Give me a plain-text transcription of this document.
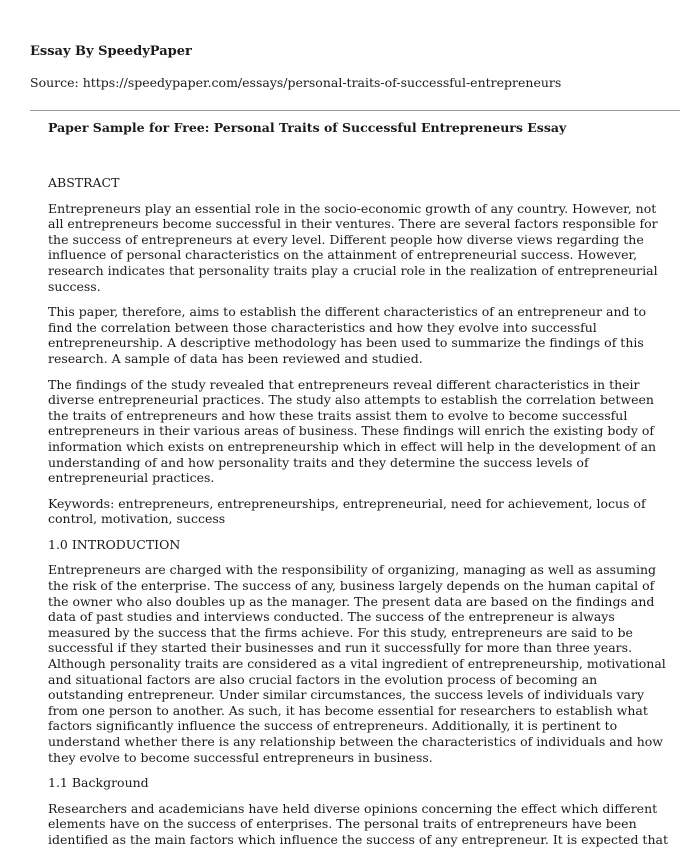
Essay By SpeedyPaper

Source: https://speedypaper.com/essays/personal-traits-of-successful-entrepreneurs

Paper Sample for Free: Personal Traits of Successful Entrepreneurs Essay

ABSTRACT

Entrepreneurs play an essential role in the socio-economic growth of any country. However, not all entrepreneurs become successful in their ventures. There are several factors responsible for the success of entrepreneurs at every level. Different people how diverse views regarding the influence of personal characteristics on the attainment of entrepreneurial success. However, research indicates that personality traits play a crucial role in the realization of entrepreneurial success.

This paper, therefore, aims to establish the different characteristics of an entrepreneur and to find the correlation between those characteristics and how they evolve into successful entrepreneurship. A descriptive methodology has been used to summarize the findings of this research. A sample of data has been reviewed and studied.

The findings of the study revealed that entrepreneurs reveal different characteristics in their diverse entrepreneurial practices. The study also attempts to establish the correlation between the traits of entrepreneurs and how these traits assist them to evolve to become successful entrepreneurs in their various areas of business. These findings will enrich the existing body of information which exists on entrepreneurship which in effect will help in the development of an understanding of and how personality traits and they determine the success levels of entrepreneurial practices.

Keywords: entrepreneurs, entrepreneurships, entrepreneurial, need for achievement, locus of control, motivation, success

1.0 INTRODUCTION

Entrepreneurs are charged with the responsibility of organizing, managing as well as assuming the risk of the enterprise. The success of any, business largely depends on the human capital of the owner who also doubles up as the manager. The present data are based on the findings and data of past studies and interviews conducted. The success of the entrepreneur is always measured by the success that the firms achieve. For this study, entrepreneurs are said to be successful if they started their businesses and run it successfully for more than three years. Although personality traits are considered as a vital ingredient of entrepreneurship, motivational and situational factors are also crucial factors in the evolution process of becoming an outstanding entrepreneur. Under similar circumstances, the success levels of individuals vary from one person to another. As such, it has become essential for researchers to establish what factors significantly influence the success of entrepreneurs. Additionally, it is pertinent to understand whether there is any relationship between the characteristics of individuals and how they evolve to become successful entrepreneurs in business.

1.1 Background

Researchers and academicians have held diverse opinions concerning the effect which different elements have on the success of enterprises. The personal traits of entrepreneurs have been identified as the main factors which influence the success of any entrepreneur. It is expected that
